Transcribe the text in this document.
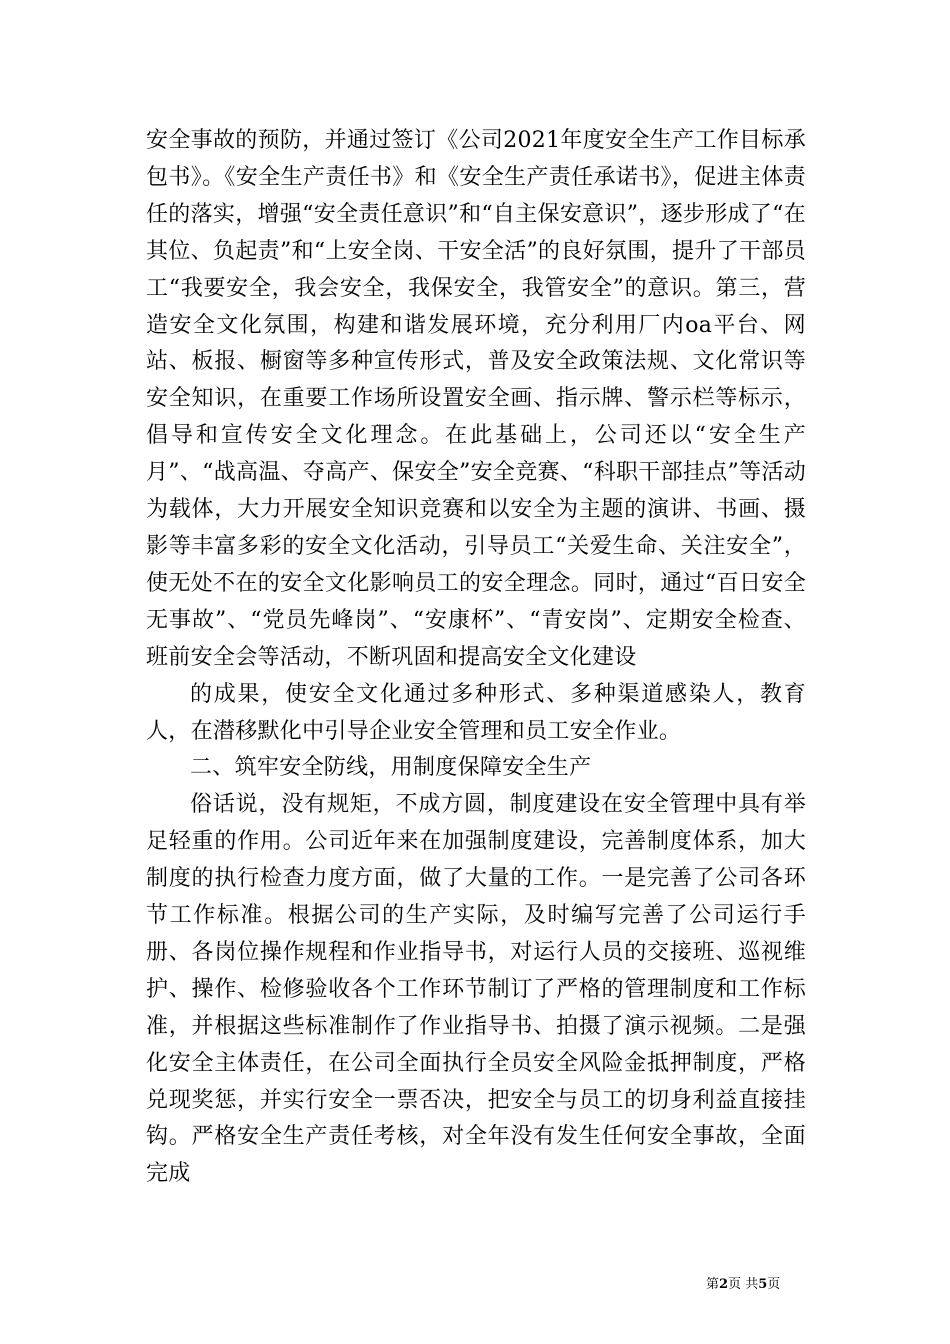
安全事故的预防，并通过签订《公司2021年度安全生产工作目标承包书》。《安全生产责任书》和《安全生产责任承诺书》，促进主体责任的落实，增强“安全责任意识”和“自主保安意识”，逐步形成了“在其位、负起责”和“上安全岗、干安全活”的良好氛围，提升了干部员工“我要安全，我会安全，我保安全，我管安全”的意识。第三，营造安全文化氛围，构建和谐发展环境，充分利用厂内oa平台、网站、板报、橱窗等多种宣传形式，普及安全政策法规、文化常识等安全知识，在重要工作场所设置安全画、指示牌、警示栏等标示，倡导和宣传安全文化理念。在此基础上，公司还以“安全生产月”、“战高温、夺高产、保安全”安全竞赛、“科职干部挂点”等活动为载体，大力开展安全知识竞赛和以安全为主题的演讲、书画、摄影等丰富多彩的安全文化活动，引导员工“关爱生命、关注安全”，使无处不在的安全文化影响员工的安全理念。同时，通过“百日安全无事故”、“党员先峰岗”、“安康杯”、“青安岗”、定期安全检查、班前安全会等活动，不断巩固和提高安全文化建设

的成果，使安全文化通过多种形式、多种渠道感染人，教育人，在潜移默化中引导企业安全管理和员工安全作业。

二、筑牢安全防线，用制度保障安全生产

俗话说，没有规矩，不成方圆，制度建设在安全管理中具有举足轻重的作用。公司近年来在加强制度建设，完善制度体系，加大制度的执行检查力度方面，做了大量的工作。一是完善了公司各环节工作标准。根据公司的生产实际，及时编写完善了公司运行手册、各岗位操作规程和作业指导书，对运行人员的交接班、巡视维护、操作、检修验收各个工作环节制订了严格的管理制度和工作标准，并根据这些标准制作了作业指导书、拍摄了演示视频。二是强化安全主体责任，在公司全面执行全员安全风险金抵押制度，严格兑现奖惩，并实行安全一票否决，把安全与员工的切身利益直接挂钩。严格安全生产责任考核，对全年没有发生任何安全事故，全面完成

第2页 共5页
